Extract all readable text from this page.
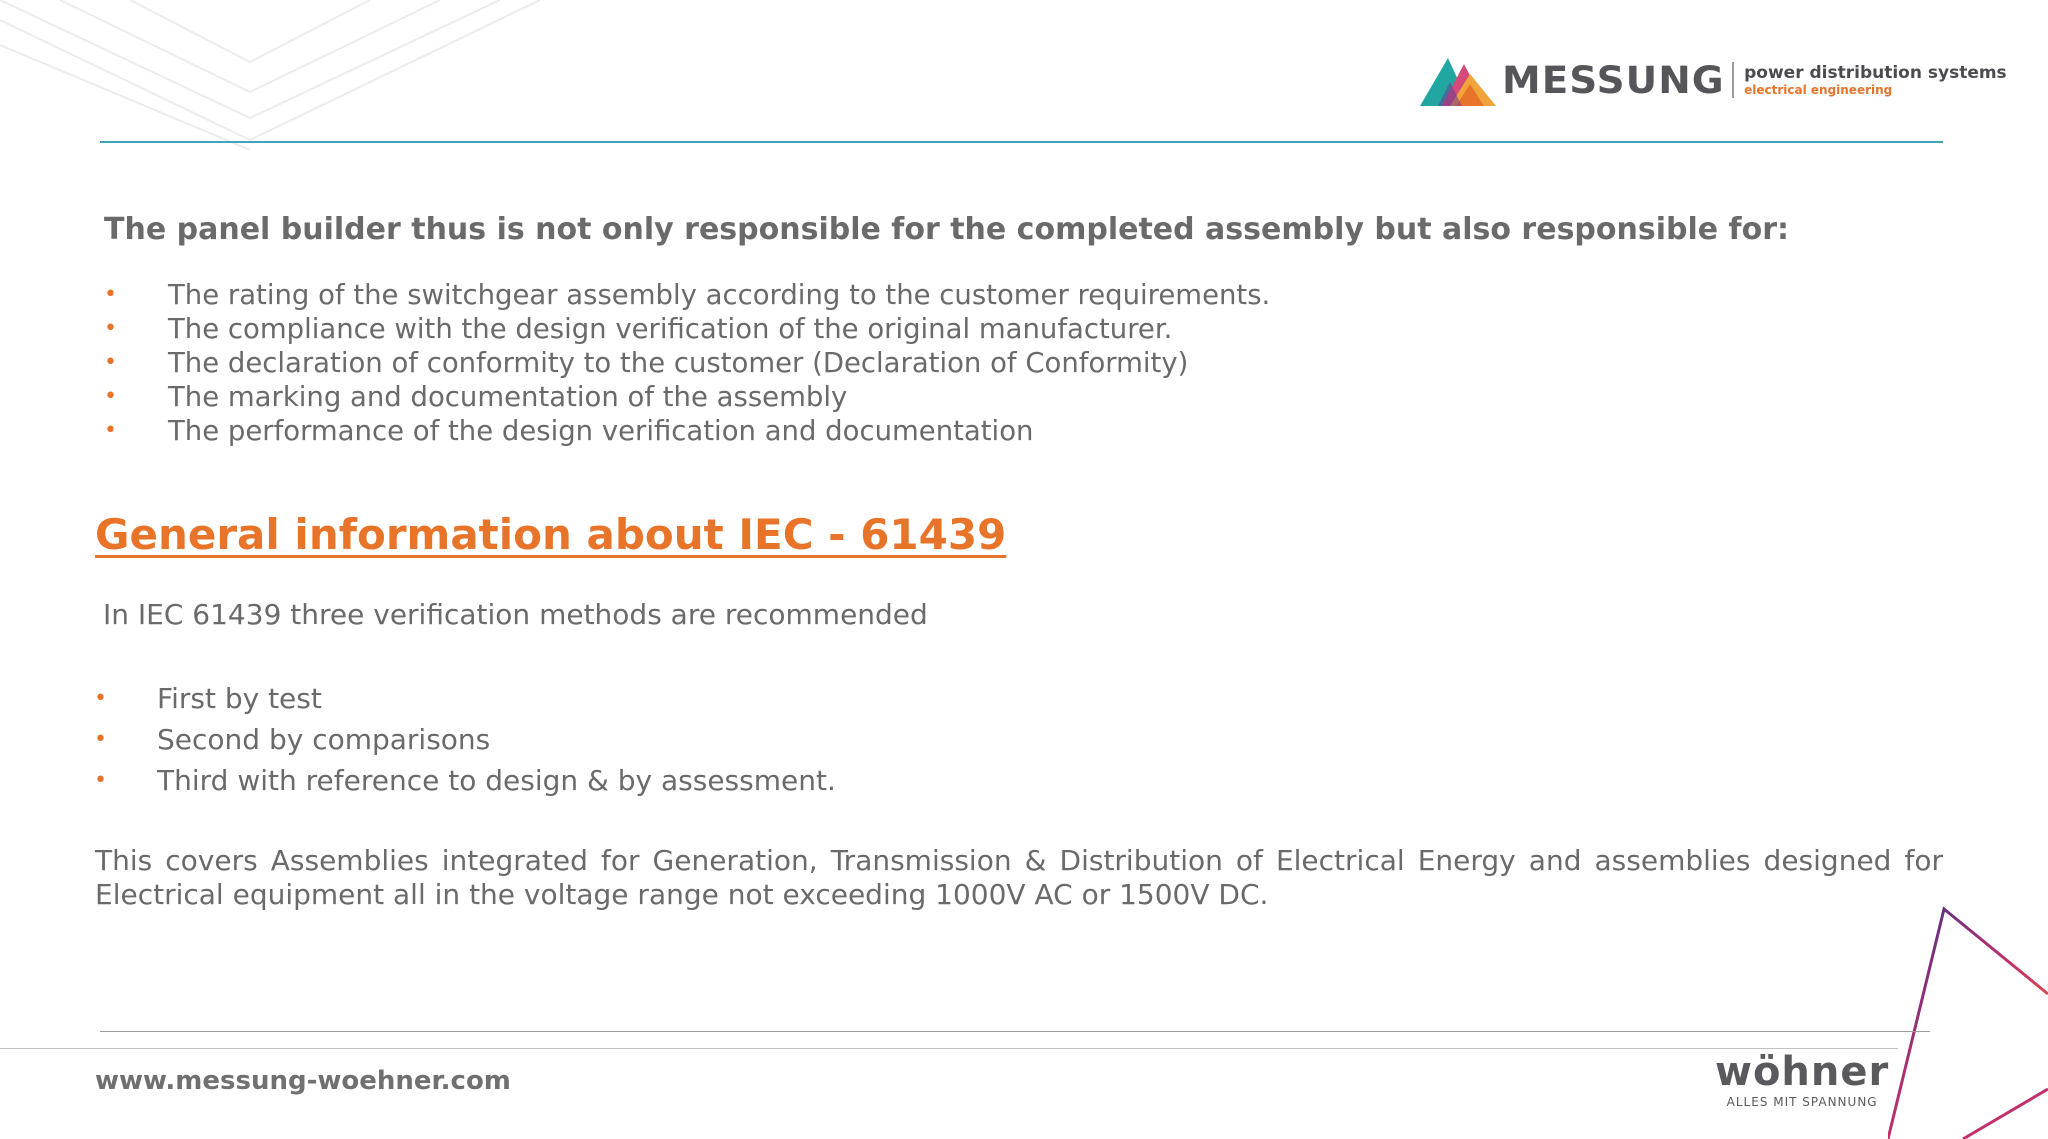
MESSUNG power distribution systems
electrical engineering
The panel builder thus is not only responsible for the completed assembly but also responsible for:
• The rating of the switchgear assembly according to the customer requirements.
• The compliance with the design verification of the original manufacturer.
• The declaration of conformity to the customer (Declaration of Conformity)
• The marking and documentation of the assembly
• The performance of the design verification and documentation
General information about IEC - 61439
In IEC 61439 three verification methods are recommended
• First by test
• Second by comparisons
• Third with reference to design & by assessment.
This covers Assemblies integrated for Generation, Transmission & Distribution of Electrical Energy and assemblies designed for Electrical equipment all in the voltage range not exceeding 1000V AC or 1500V DC.
www.messung-woehner.com	wöhner
ALLES MIT SPANNUNG
